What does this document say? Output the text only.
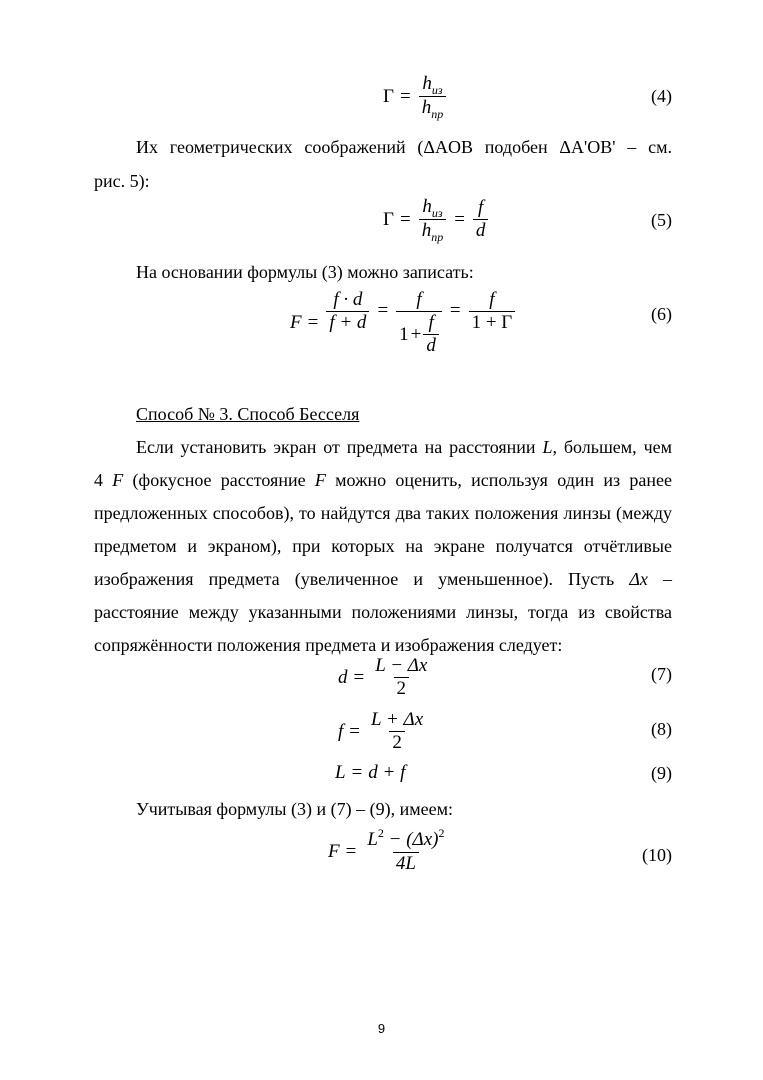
$\Gamma = \frac{h_{из}}{h_{пр}}$	(4)
Их геометрических соображений (ΔAOB подобен ΔA'OB' – см.
рис. 5):
$\Gamma = \frac{h_{из}}{h_{пр}} = \frac{f}{d}$	(5)
На основании формулы (3) можно записать:
$F = \frac{f \cdot d}{f + d} = \frac{f}{1 + \frac{f}{d}} = \frac{f}{1 + \Gamma}$	(6)
Способ № 3. Способ Бесселя
Если установить экран от предмета на расстоянии L, большем, чем
4 F (фокусное расстояние F можно оценить, используя один из ранее
предложенных способов), то найдутся два таких положения линзы (между
предметом и экраном), при которых на экране получатся отчётливые
изображения предмета (увеличенное и уменьшенное). Пусть Δx –
расстояние между указанными положениями линзы, тогда из свойства
сопряжённости положения предмета и изображения следует:
$d = \frac{L - \Delta x}{2}$	(7)
$f = \frac{L + \Delta x}{2}$	(8)
L = d + f	(9)
Учитывая формулы (3) и (7) – (9), имеем:
$F = \frac{L^2 - (\Delta x)^2}{4L}$	(10)
9
